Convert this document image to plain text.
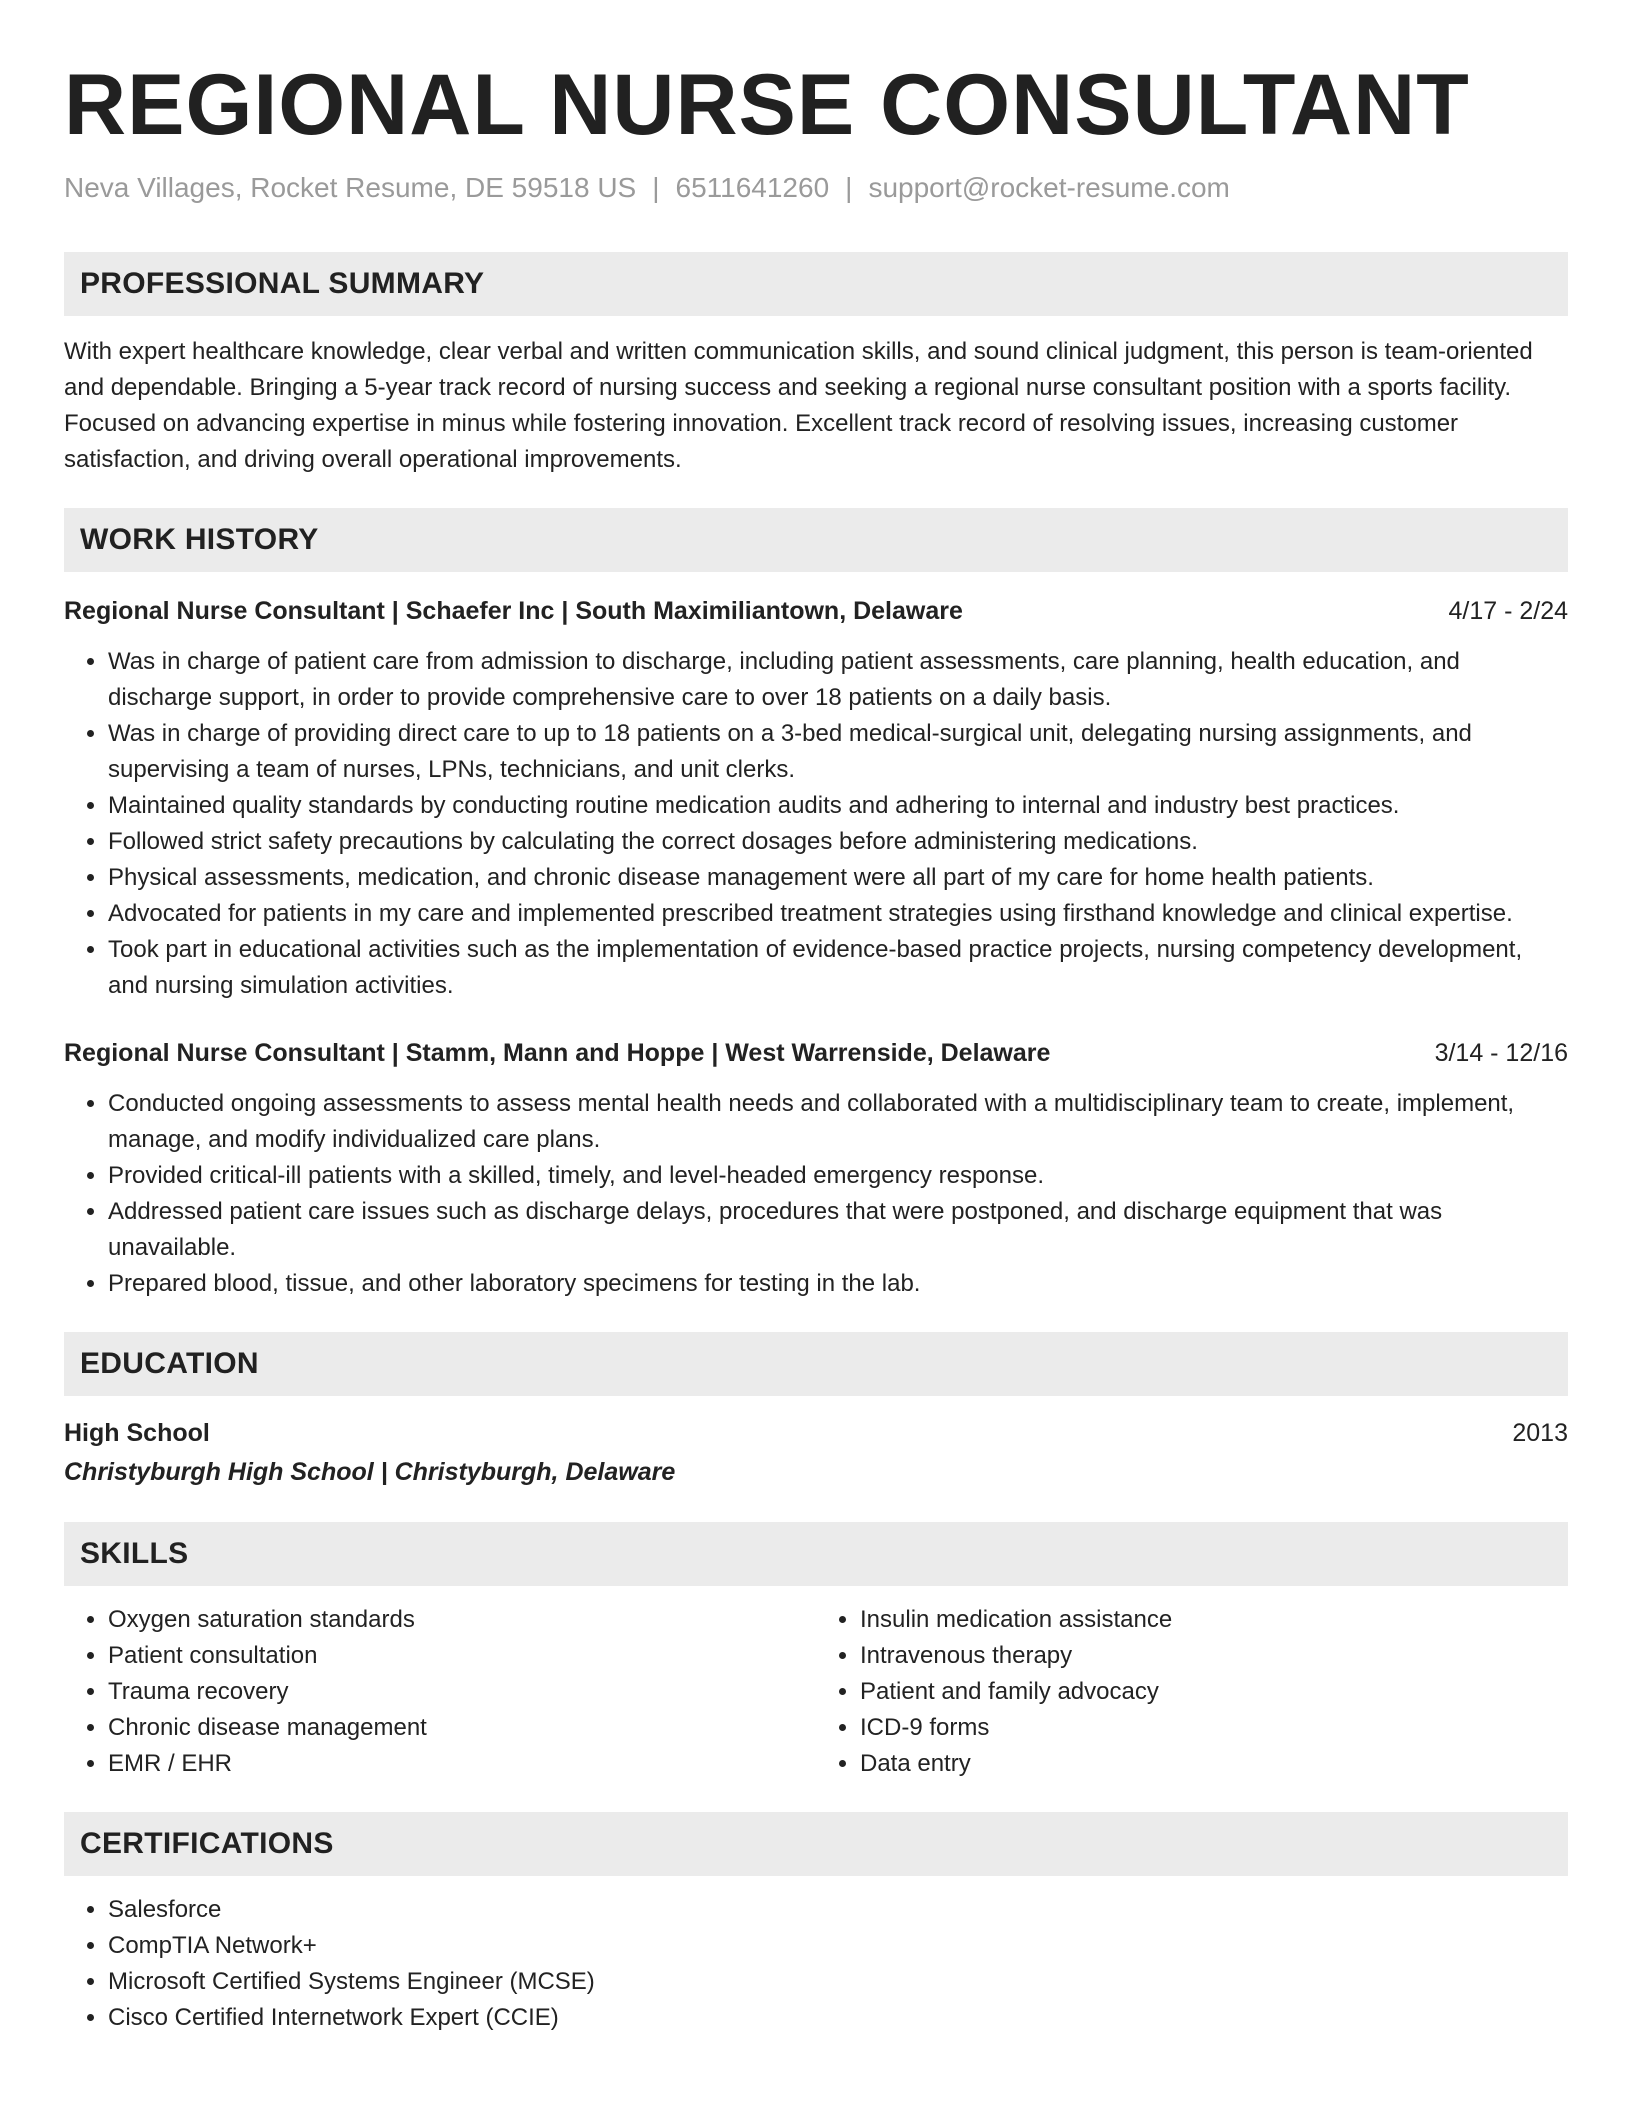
REGIONAL NURSE CONSULTANT
Neva Villages, Rocket Resume, DE 59518 US | 6511641260 | support@rocket-resume.com
PROFESSIONAL SUMMARY
With expert healthcare knowledge, clear verbal and written communication skills, and sound clinical judgment, this person is team-oriented and dependable. Bringing a 5-year track record of nursing success and seeking a regional nurse consultant position with a sports facility. Focused on advancing expertise in minus while fostering innovation. Excellent track record of resolving issues, increasing customer satisfaction, and driving overall operational improvements.
WORK HISTORY
Regional Nurse Consultant | Schaefer Inc | South Maximiliantown, Delaware	4/17 - 2/24
• Was in charge of patient care from admission to discharge, including patient assessments, care planning, health education, and discharge support, in order to provide comprehensive care to over 18 patients on a daily basis.
• Was in charge of providing direct care to up to 18 patients on a 3-bed medical-surgical unit, delegating nursing assignments, and supervising a team of nurses, LPNs, technicians, and unit clerks.
• Maintained quality standards by conducting routine medication audits and adhering to internal and industry best practices.
• Followed strict safety precautions by calculating the correct dosages before administering medications.
• Physical assessments, medication, and chronic disease management were all part of my care for home health patients.
• Advocated for patients in my care and implemented prescribed treatment strategies using firsthand knowledge and clinical expertise.
• Took part in educational activities such as the implementation of evidence-based practice projects, nursing competency development, and nursing simulation activities.
Regional Nurse Consultant | Stamm, Mann and Hoppe | West Warrenside, Delaware	3/14 - 12/16
• Conducted ongoing assessments to assess mental health needs and collaborated with a multidisciplinary team to create, implement, manage, and modify individualized care plans.
• Provided critical-ill patients with a skilled, timely, and level-headed emergency response.
• Addressed patient care issues such as discharge delays, procedures that were postponed, and discharge equipment that was unavailable.
• Prepared blood, tissue, and other laboratory specimens for testing in the lab.
EDUCATION
High School	2013
Christyburgh High School | Christyburgh, Delaware
SKILLS
• Oxygen saturation standards
• Patient consultation
• Trauma recovery
• Chronic disease management
• EMR / EHR
• Insulin medication assistance
• Intravenous therapy
• Patient and family advocacy
• ICD-9 forms
• Data entry
CERTIFICATIONS
• Salesforce
• CompTIA Network+
• Microsoft Certified Systems Engineer (MCSE)
• Cisco Certified Internetwork Expert (CCIE)
